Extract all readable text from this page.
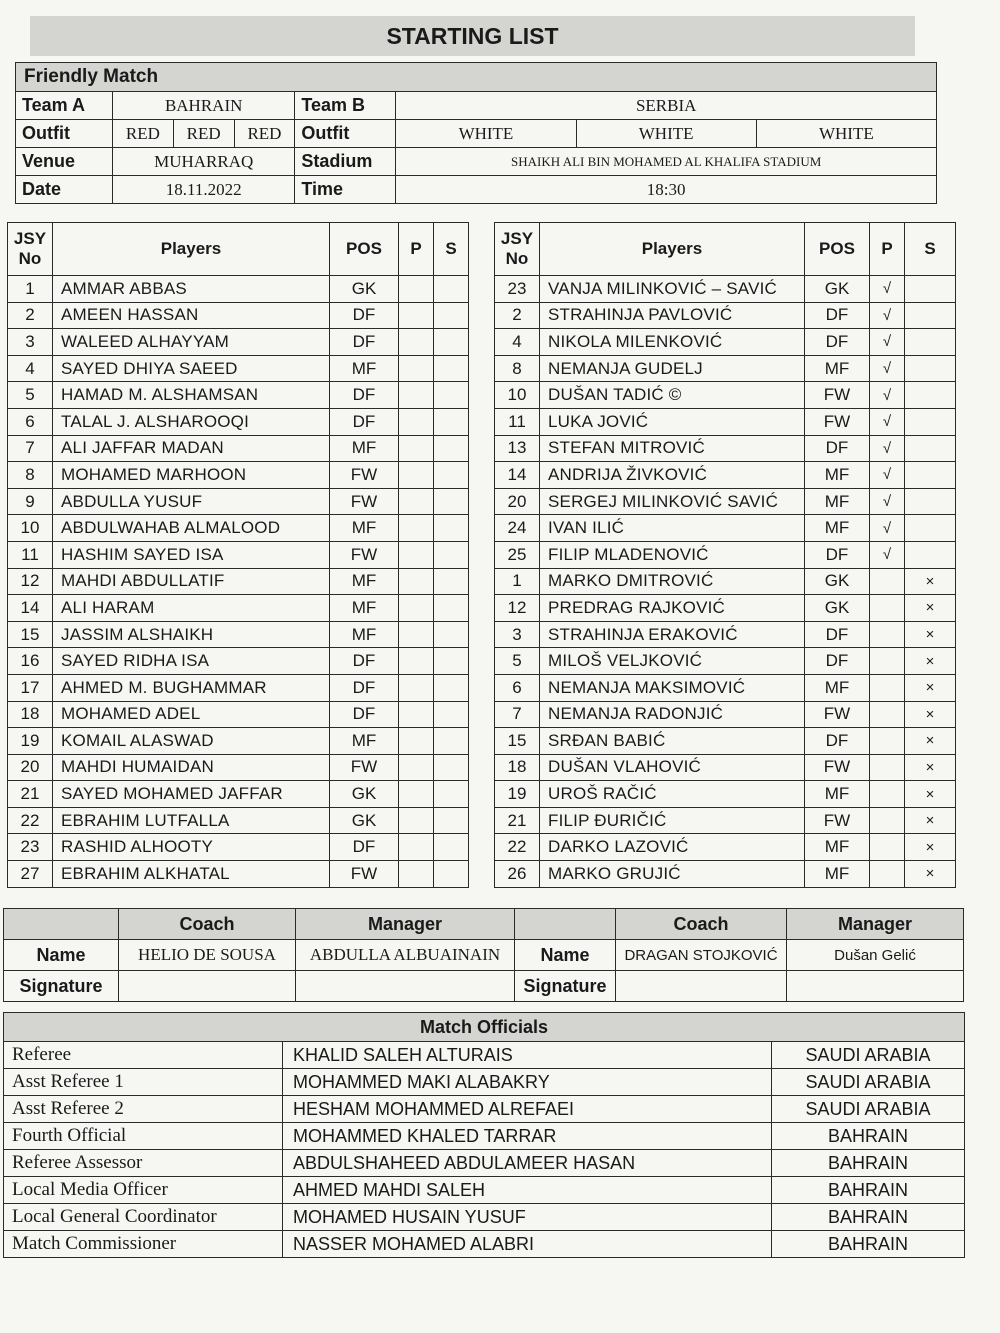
STARTING LIST
Friendly Match							
Team A	BAHRAIN			Team B	SERBIA		
Outfit	RED	RED	RED	Outfit	WHITE	WHITE	WHITE
Venue	MUHARRAQ			Stadium	SHAIKH ALI BIN MOHAMED AL KHALIFA STADIUM		
Date	18.11.2022			Time	18:30		
JSY
No	Players	POS	P	S
1	AMMAR ABBAS	GK		
2	AMEEN HASSAN	DF		
3	WALEED ALHAYYAM	DF		
4	SAYED DHIYA SAEED	MF		
5	HAMAD M. ALSHAMSAN	DF		
6	TALAL J. ALSHAROOQI	DF		
7	ALI JAFFAR MADAN	MF		
8	MOHAMED MARHOON	FW		
9	ABDULLA YUSUF	FW		
10	ABDULWAHAB ALMALOOD	MF		
11	HASHIM SAYED ISA	FW		
12	MAHDI ABDULLATIF	MF		
14	ALI HARAM	MF		
15	JASSIM ALSHAIKH	MF		
16	SAYED RIDHA ISA	DF		
17	AHMED M. BUGHAMMAR	DF		
18	MOHAMED ADEL	DF		
19	KOMAIL ALASWAD	MF		
20	MAHDI HUMAIDAN	FW		
21	SAYED MOHAMED JAFFAR	GK		
22	EBRAHIM LUTFALLA	GK		
23	RASHID ALHOOTY	DF		
27	EBRAHIM ALKHATAL	FW		
JSY
No	Players	POS	P	S
23	VANJA MILINKOVIĆ – SAVIĆ	GK	√	
2	STRAHINJA PAVLOVIĆ	DF	√	
4	NIKOLA MILENKOVIĆ	DF	√	
8	NEMANJA GUDELJ	MF	√	
10	DUŠAN TADIĆ ©	FW	√	
11	LUKA JOVIĆ	FW	√	
13	STEFAN MITROVIĆ	DF	√	
14	ANDRIJA ŽIVKOVIĆ	MF	√	
20	SERGEJ MILINKOVIĆ SAVIĆ	MF	√	
24	IVAN ILIĆ	MF	√	
25	FILIP MLADENOVIĆ	DF	√	
1	MARKO DMITROVIĆ	GK		×
12	PREDRAG RAJKOVIĆ	GK		×
3	STRAHINJA ERAKOVIĆ	DF		×
5	MILOŠ VELJKOVIĆ	DF		×
6	NEMANJA MAKSIMOVIĆ	MF		×
7	NEMANJA RADONJIĆ	FW		×
15	SRĐAN BABIĆ	DF		×
18	DUŠAN VLAHOVIĆ	FW		×
19	UROŠ RAČIĆ	MF		×
21	FILIP ĐURIČIĆ	FW		×
22	DARKO LAZOVIĆ	MF		×
26	MARKO GRUJIĆ	MF		×
	Coach	Manager		Coach	Manager
Name	HELIO DE SOUSA	ABDULLA ALBUAINAIN	Name	DRAGAN STOJKOVIĆ	Dušan Gelić
Signature			Signature		
Match Officials		
Referee	KHALID SALEH ALTURAIS	SAUDI ARABIA
Asst Referee 1	MOHAMMED MAKI ALABAKRY	SAUDI ARABIA
Asst Referee 2	HESHAM MOHAMMED ALREFAEI	SAUDI ARABIA
Fourth Official	MOHAMMED KHALED TARRAR	BAHRAIN
Referee Assessor	ABDULSHAHEED ABDULAMEER HASAN	BAHRAIN
Local Media Officer	AHMED MAHDI SALEH	BAHRAIN
Local General Coordinator	MOHAMED HUSAIN YUSUF	BAHRAIN
Match Commissioner	NASSER MOHAMED ALABRI	BAHRAIN
